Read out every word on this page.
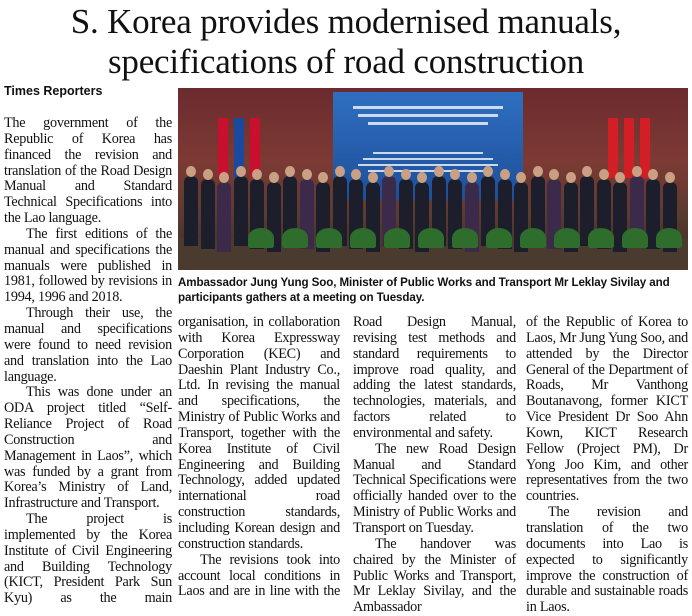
S. Korea provides modernised manuals,
specifications of road construction
Times Reporters

The government of the Republic of Korea has financed the revision and translation of the Road Design Manual and Standard Technical Specifications into the Lao language.

The first editions of the manual and specifications the manuals were published in 1981, followed by revisions in 1994, 1996 and 2018.

Through their use, the manual and specifications were found to need revision and translation into the Lao language.

This was done under an ODA project titled “Self-Reliance Project of Road Construction and Management in Laos”, which was funded by a grant from Korea’s Ministry of Land, Infrastructure and Transport.

The project is implemented by the Korea Institute of Civil Engineering and Building Technology (KICT, President Park Sun Kyu) as the main

Ambassador Jung Yung Soo, Minister of Public Works and Transport Mr Leklay Sivilay and participants gathers at a meeting on Tuesday.

organisation, in collaboration with Korea Expressway Corporation (KEC) and Daeshin Plant Industry Co., Ltd. In revising the manual and specifications, the Ministry of Public Works and Transport, together with the Korea Institute of Civil Engineering and Building Technology, added updated international road construction standards, including Korean design and construction standards.

The revisions took into account local conditions in Laos and are in line with the

Road Design Manual, revising test methods and standard requirements to improve road quality, and adding the latest standards, technologies, materials, and factors related to environmental and safety.

The new Road Design Manual and Standard Technical Specifications were officially handed over to the Ministry of Public Works and Transport on Tuesday.

The handover was chaired by the Minister of Public Works and Transport, Mr Leklay Sivilay, and the Ambassador

of the Republic of Korea to Laos, Mr Jung Yung Soo, and attended by the Director General of the Department of Roads, Mr Vanthong Boutanavong, former KICT Vice President Dr Soo Ahn Kown, KICT Research Fellow (Project PM), Dr Yong Joo Kim, and other representatives from the two countries.

The revision and translation of the two documents into Lao is expected to significantly improve the construction of durable and sustainable roads in Laos.
